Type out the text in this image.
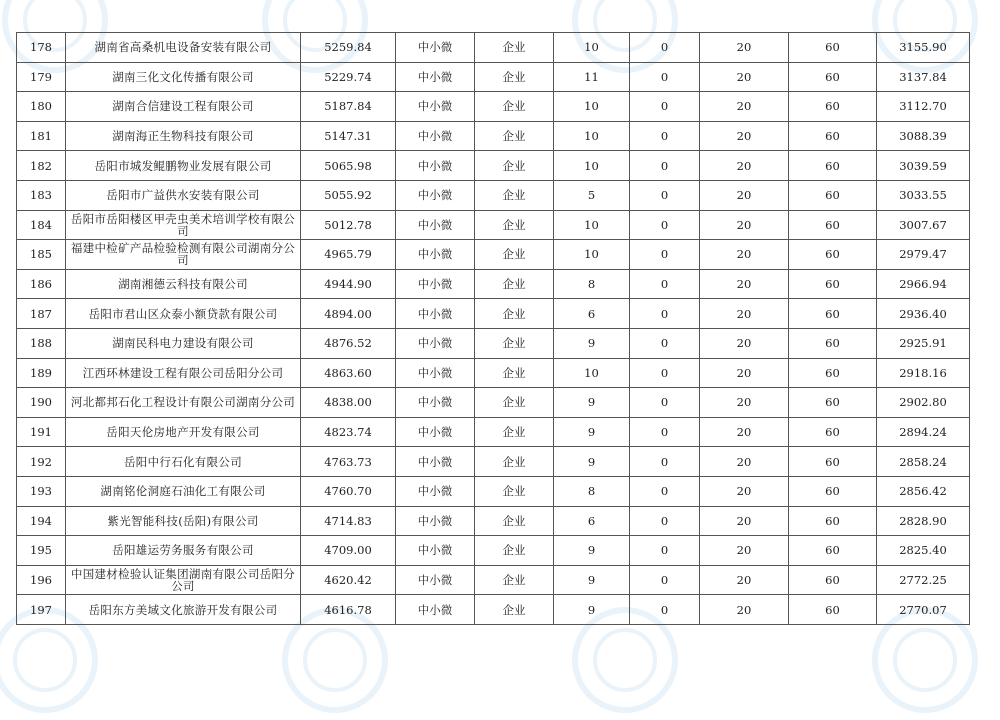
178	湖南省高桑机电设备安装有限公司	5259.84	中小微	企业	10	0	20	60	3155.90
179	湖南三化文化传播有限公司	5229.74	中小微	企业	11	0	20	60	3137.84
180	湖南合信建设工程有限公司	5187.84	中小微	企业	10	0	20	60	3112.70
181	湖南海正生物科技有限公司	5147.31	中小微	企业	10	0	20	60	3088.39
182	岳阳市城发鲲鹏物业发展有限公司	5065.98	中小微	企业	10	0	20	60	3039.59
183	岳阳市广益供水安装有限公司	5055.92	中小微	企业	5	0	20	60	3033.55
184	岳阳市岳阳楼区甲壳虫美术培训学校有限公司	5012.78	中小微	企业	10	0	20	60	3007.67
185	福建中检矿产品检验检测有限公司湖南分公司	4965.79	中小微	企业	10	0	20	60	2979.47
186	湖南湘德云科技有限公司	4944.90	中小微	企业	8	0	20	60	2966.94
187	岳阳市君山区众泰小额贷款有限公司	4894.00	中小微	企业	6	0	20	60	2936.40
188	湖南民科电力建设有限公司	4876.52	中小微	企业	9	0	20	60	2925.91
189	江西环林建设工程有限公司岳阳分公司	4863.60	中小微	企业	10	0	20	60	2918.16
190	河北都邦石化工程设计有限公司湖南分公司	4838.00	中小微	企业	9	0	20	60	2902.80
191	岳阳天伦房地产开发有限公司	4823.74	中小微	企业	9	0	20	60	2894.24
192	岳阳中行石化有限公司	4763.73	中小微	企业	9	0	20	60	2858.24
193	湖南铭伦洞庭石油化工有限公司	4760.70	中小微	企业	8	0	20	60	2856.42
194	紫光智能科技(岳阳)有限公司	4714.83	中小微	企业	6	0	20	60	2828.90
195	岳阳雄运劳务服务有限公司	4709.00	中小微	企业	9	0	20	60	2825.40
196	中国建材检验认证集团湖南有限公司岳阳分公司	4620.42	中小微	企业	9	0	20	60	2772.25
197	岳阳东方美域文化旅游开发有限公司	4616.78	中小微	企业	9	0	20	60	2770.07
